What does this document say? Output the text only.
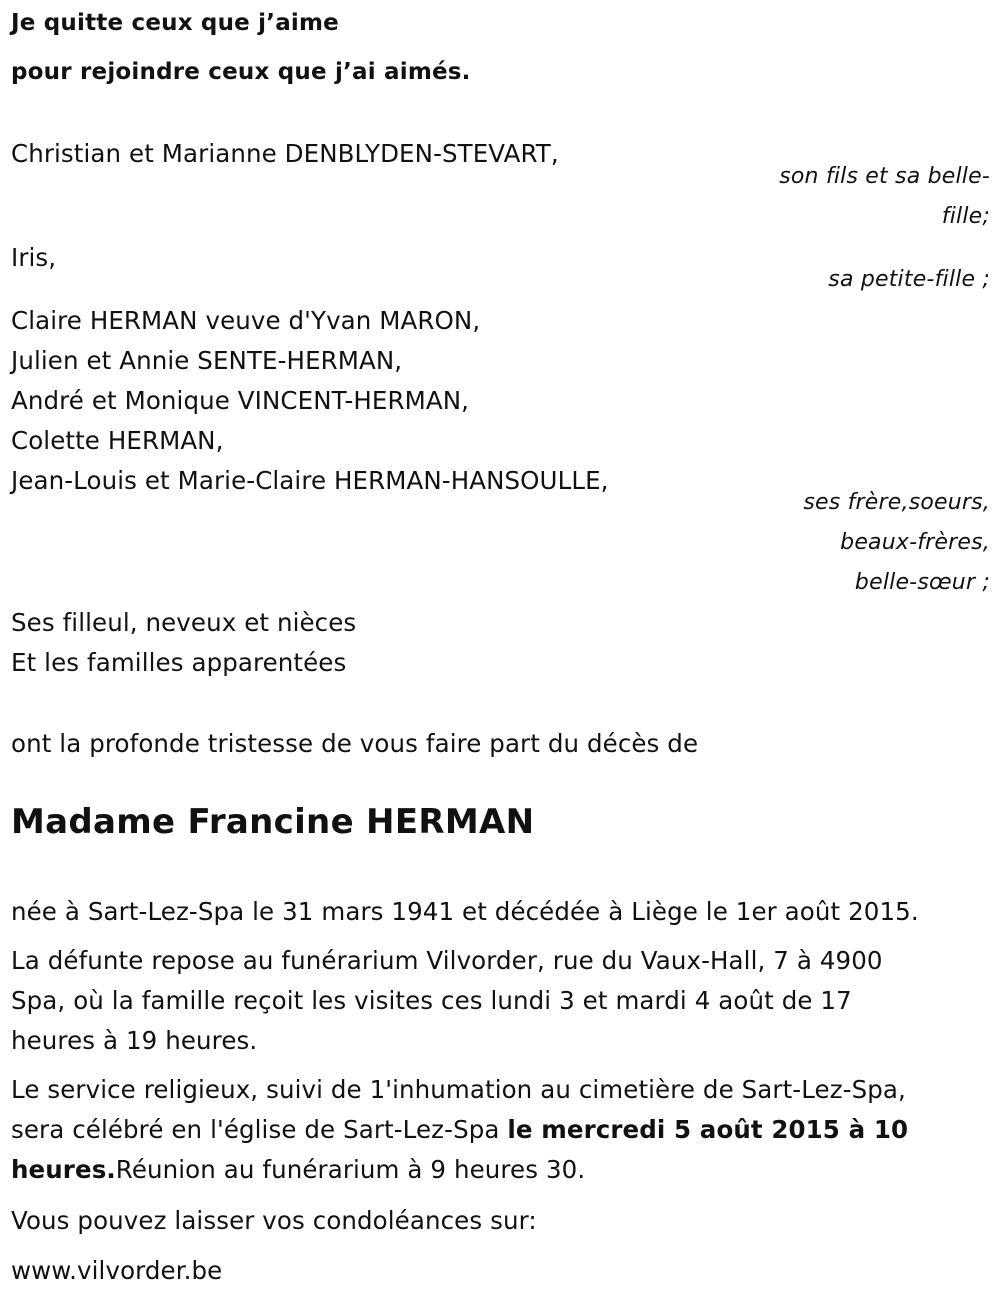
Je quitte ceux que j’aime

pour rejoindre ceux que j’ai aimés.

Christian et Marianne DENBLYDEN-STEVART,

son fils et sa belle-

fille;

Iris,

sa petite-fille ;

Claire HERMAN veuve d'Yvan MARON,

Julien et Annie SENTE-HERMAN,

André et Monique VINCENT-HERMAN,

Colette HERMAN,

Jean-Louis et Marie-Claire HERMAN-HANSOULLE,

ses frère,soeurs,

beaux-frères,

belle-sœur ;

Ses filleul, neveux et nièces

Et les familles apparentées

ont la profonde tristesse de vous faire part du décès de

Madame Francine HERMAN

née à Sart-Lez-Spa le 31 mars 1941 et décédée à Liège le 1er août 2015.

La défunte repose au funérarium Vilvorder, rue du Vaux-Hall, 7 à 4900

Spa, où la famille reçoit les visites ces lundi 3 et mardi 4 août de 17

heures à 19 heures.

Le service religieux, suivi de 1'inhumation au cimetière de Sart-Lez-Spa,

sera célébré en l'église de Sart-Lez-Spa le mercredi 5 août 2015 à 10

heures.Réunion au funérarium à 9 heures 30.

Vous pouvez laisser vos condoléances sur:

www.vilvorder.be
